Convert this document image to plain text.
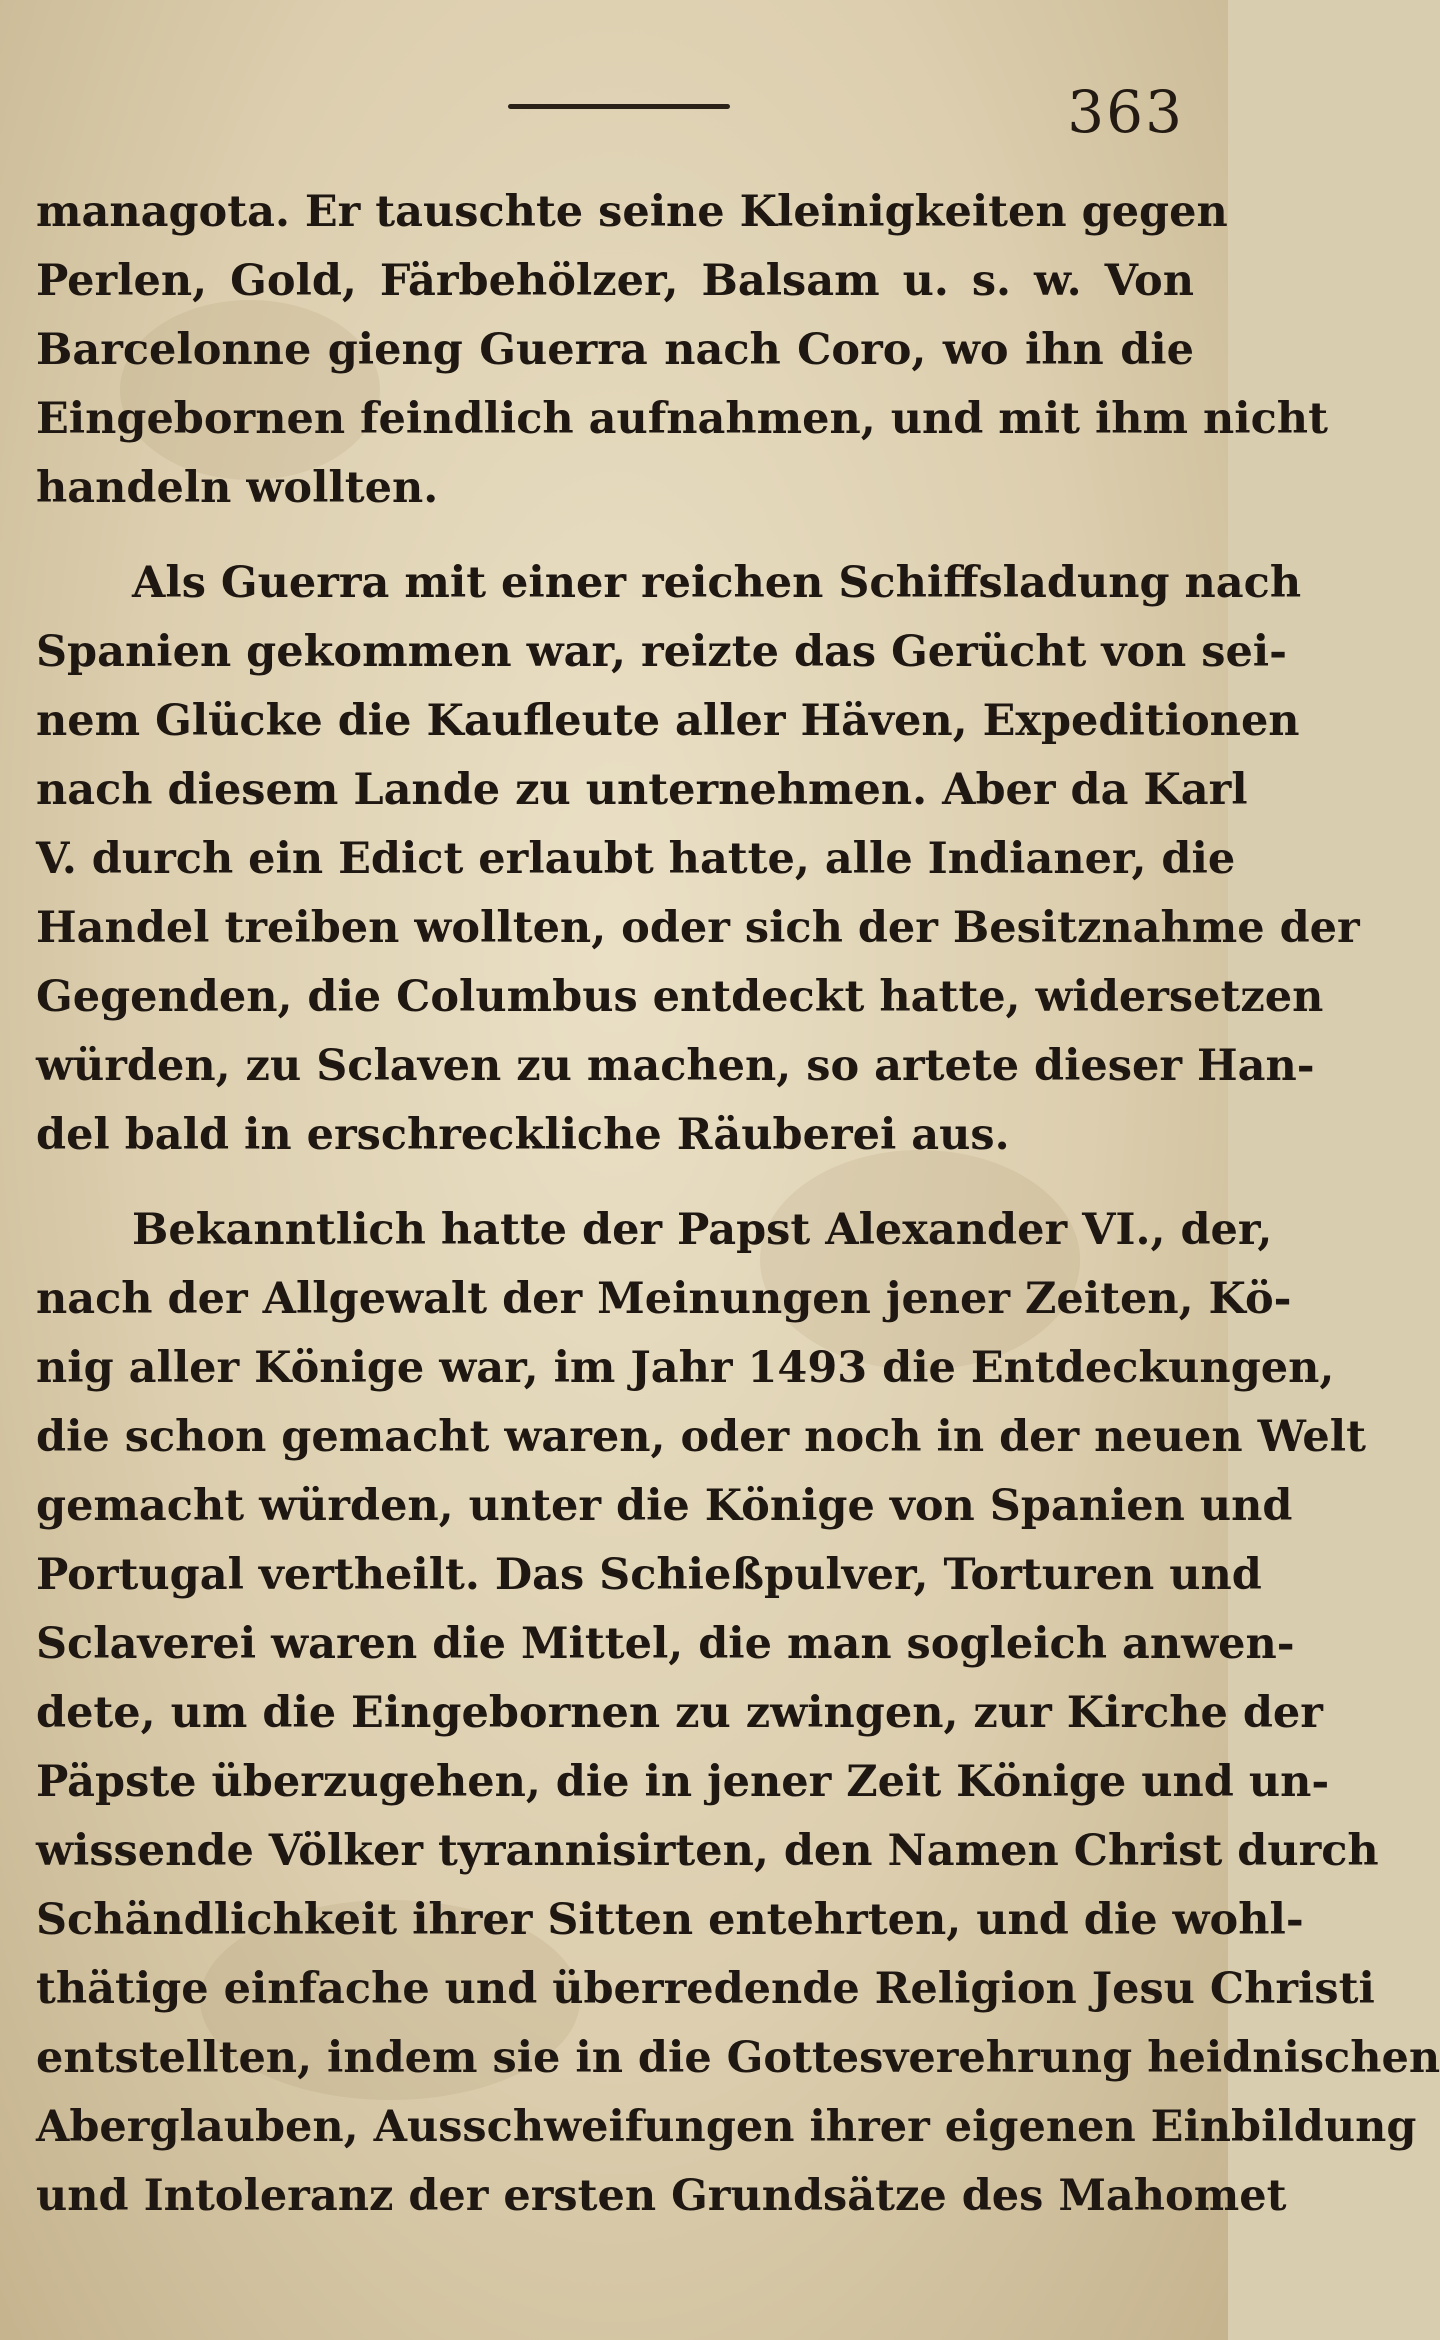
363
managota. Er tauschte seine Kleinigkeiten gegen
Perlen, Gold, Färbehölzer, Balsam u. s. w. Von
Barcelonne gieng Guerra nach Coro, wo ihn die
Eingebornen feindlich aufnahmen, und mit ihm nicht
handeln wollten.
Als Guerra mit einer reichen Schiffsladung nach
Spanien gekommen war, reizte das Gerücht von sei-
nem Glücke die Kaufleute aller Häven, Expeditionen
nach diesem Lande zu unternehmen. Aber da Karl
V. durch ein Edict erlaubt hatte, alle Indianer, die
Handel treiben wollten, oder sich der Besitznahme der
Gegenden, die Columbus entdeckt hatte, widersetzen
würden, zu Sclaven zu machen, so artete dieser Han-
del bald in erschreckliche Räuberei aus.
Bekanntlich hatte der Papst Alexander VI., der,
nach der Allgewalt der Meinungen jener Zeiten, Kö-
nig aller Könige war, im Jahr 1493 die Entdeckungen,
die schon gemacht waren, oder noch in der neuen Welt
gemacht würden, unter die Könige von Spanien und
Portugal vertheilt. Das Schießpulver, Torturen und
Sclaverei waren die Mittel, die man sogleich anwen-
dete, um die Eingebornen zu zwingen, zur Kirche der
Päpste überzugehen, die in jener Zeit Könige und un-
wissende Völker tyrannisirten, den Namen Christ durch
Schändlichkeit ihrer Sitten entehrten, und die wohl-
thätige einfache und überredende Religion Jesu Christi
entstellten, indem sie in die Gottesverehrung heidnischen
Aberglauben, Ausschweifungen ihrer eigenen Einbildung
und Intoleranz der ersten Grundsätze des Mahomet
